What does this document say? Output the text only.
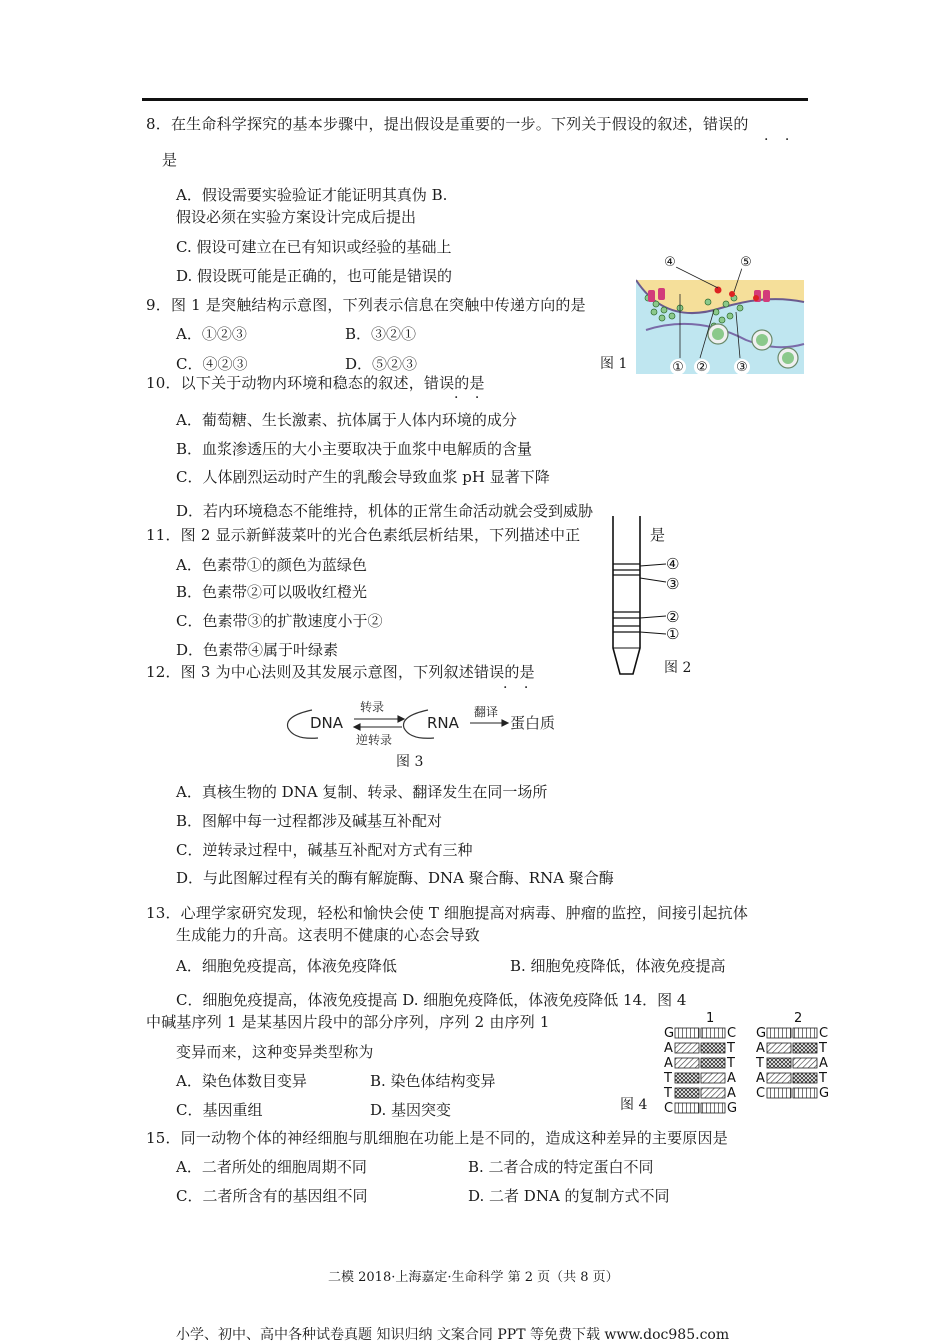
8．在生命科学探究的基本步骤中，提出假设是重要的一步。下列关于假设的叙述，错误的
· ·
是
A．假设需要实验验证才能证明其真伪 B.
假设必须在实验方案设计完成后提出
C. 假设可建立在已有知识或经验的基础上
D. 假设既可能是正确的，也可能是错误的
9．图 1 是突触结构示意图，下列表示信息在突触中传递方向的是
A．①②③	B．③②①
C．④②③	D．⑤②③	图 1
④	⑤
① ② ③
10．以下关于动物内环境和稳态的叙述，错误的是
· ·
A．葡萄糖、生长激素、抗体属于人体内环境的成分
B．血浆渗透压的大小主要取决于血浆中电解质的含量
C．人体剧烈运动时产生的乳酸会导致血浆 pH 显著下降
D．若内环境稳态不能维持，机体的正常生命活动就会受到威胁
11．图 2 显示新鲜菠菜叶的光合色素纸层析结果，下列描述中正	是
A．色素带①的颜色为蓝绿色
B．色素带②可以吸收红橙光
C．色素带③的扩散速度小于②
D．色素带④属于叶绿素
④
③
②
①
图 2
12．图 3 为中心法则及其发展示意图，下列叙述错误的是
· ·
DNA	RNA	蛋白质
转录
逆转录
翻译
图 3
A．真核生物的 DNA 复制、转录、翻译发生在同一场所
B．图解中每一过程都涉及碱基互补配对
C．逆转录过程中，碱基互补配对方式有三种
D．与此图解过程有关的酶有解旋酶、DNA 聚合酶、RNA 聚合酶
13．心理学家研究发现，轻松和愉快会使 T 细胞提高对病毒、肿瘤的监控，间接引起抗体
生成能力的升高。这表明不健康的心态会导致
A．细胞免疫提高，体液免疫降低	B. 细胞免疫降低，体液免疫提高
C．细胞免疫提高，体液免疫提高 D. 细胞免疫降低，体液免疫降低 14．图 4
中碱基序列 1 是某基因片段中的部分序列，序列 2 由序列 1
变异而来，这种变异类型称为
A．染色体数目变异	B. 染色体结构变异
C．基因重组	D. 基因突变	图 4
1	2
G	C
A	T
A	T
T	A
T	A
C	G
G	C
A	T
T	A
A	T
C	G
15．同一动物个体的神经细胞与肌细胞在功能上是不同的，造成这种差异的主要原因是
A．二者所处的细胞周期不同	B. 二者合成的特定蛋白不同
C．二者所含有的基因组不同	D. 二者 DNA 的复制方式不同
二模 2018·上海嘉定·生命科学 第 2 页（共 8 页）
小学、初中、高中各种试卷真题 知识归纳 文案合同 PPT 等免费下载 www.doc985.com
